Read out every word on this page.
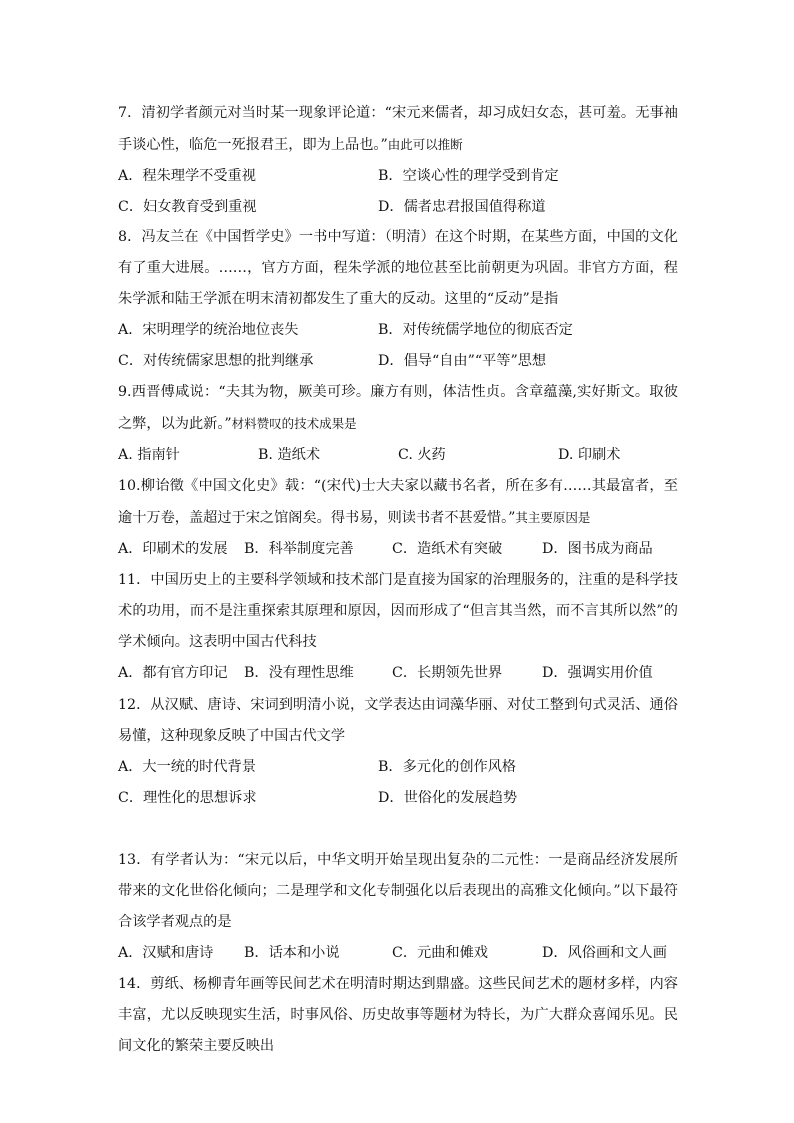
7．清初学者颜元对当时某一现象评论道：“宋元来儒者，却习成妇女态，甚可羞。无事袖手谈心性，临危一死报君王，即为上品也。”由此可以推断

A．程朱理学不受重视	B．空谈心性的理学受到肯定
C．妇女教育受到重视	D．儒者忠君报国值得称道

8．冯友兰在《中国哲学史》一书中写道：（明清）在这个时期，在某些方面，中国的文化有了重大进展。……，官方方面，程朱学派的地位甚至比前朝更为巩固。非官方方面，程朱学派和陆王学派在明末清初都发生了重大的反动。这里的“反动”是指

A．宋明理学的统治地位丧失	B．对传统儒学地位的彻底否定
C．对传统儒家思想的批判继承	D．倡导“自由”“平等”思想

9.西晋傅咸说：“夫其为物，厥美可珍。廉方有则，体洁性贞。含章蕴藻,实好斯文。取彼之弊，以为此新。”材料赞叹的技术成果是

A. 指南针	B. 造纸术	C. 火药	D. 印刷术

10.柳诒徵《中国文化史》载：“(宋代)士大夫家以藏书名者，所在多有……其最富者，至逾十万卷，盖超过于宋之馆阁矣。得书易，则读书者不甚爱惜。”其主要原因是

A．印刷术的发展	B．科举制度完善	C．造纸术有突破	D．图书成为商品

11．中国历史上的主要科学领域和技术部门是直接为国家的治理服务的，注重的是科学技术的功用，而不是注重探索其原理和原因，因而形成了“但言其当然，而不言其所以然”的学术倾向。这表明中国古代科技

A．都有官方印记	B．没有理性思维	C．长期领先世界	D．强调实用价值

12．从汉赋、唐诗、宋词到明清小说，文学表达由词藻华丽、对仗工整到句式灵活、通俗易懂，这种现象反映了中国古代文学

A．大一统的时代背景	B．多元化的创作风格
C．理性化的思想诉求	D．世俗化的发展趋势

13．有学者认为：“宋元以后，中华文明开始呈现出复杂的二元性：一是商品经济发展所带来的文化世俗化倾向；二是理学和文化专制强化以后表现出的高雅文化倾向。”以下最符合该学者观点的是

A．汉赋和唐诗	B．话本和小说	C．元曲和傩戏	D．风俗画和文人画

14．剪纸、杨柳青年画等民间艺术在明清时期达到鼎盛。这些民间艺术的题材多样，内容丰富，尤以反映现实生活，时事风俗、历史故事等题材为特长，为广大群众喜闻乐见。民间文化的繁荣主要反映出
